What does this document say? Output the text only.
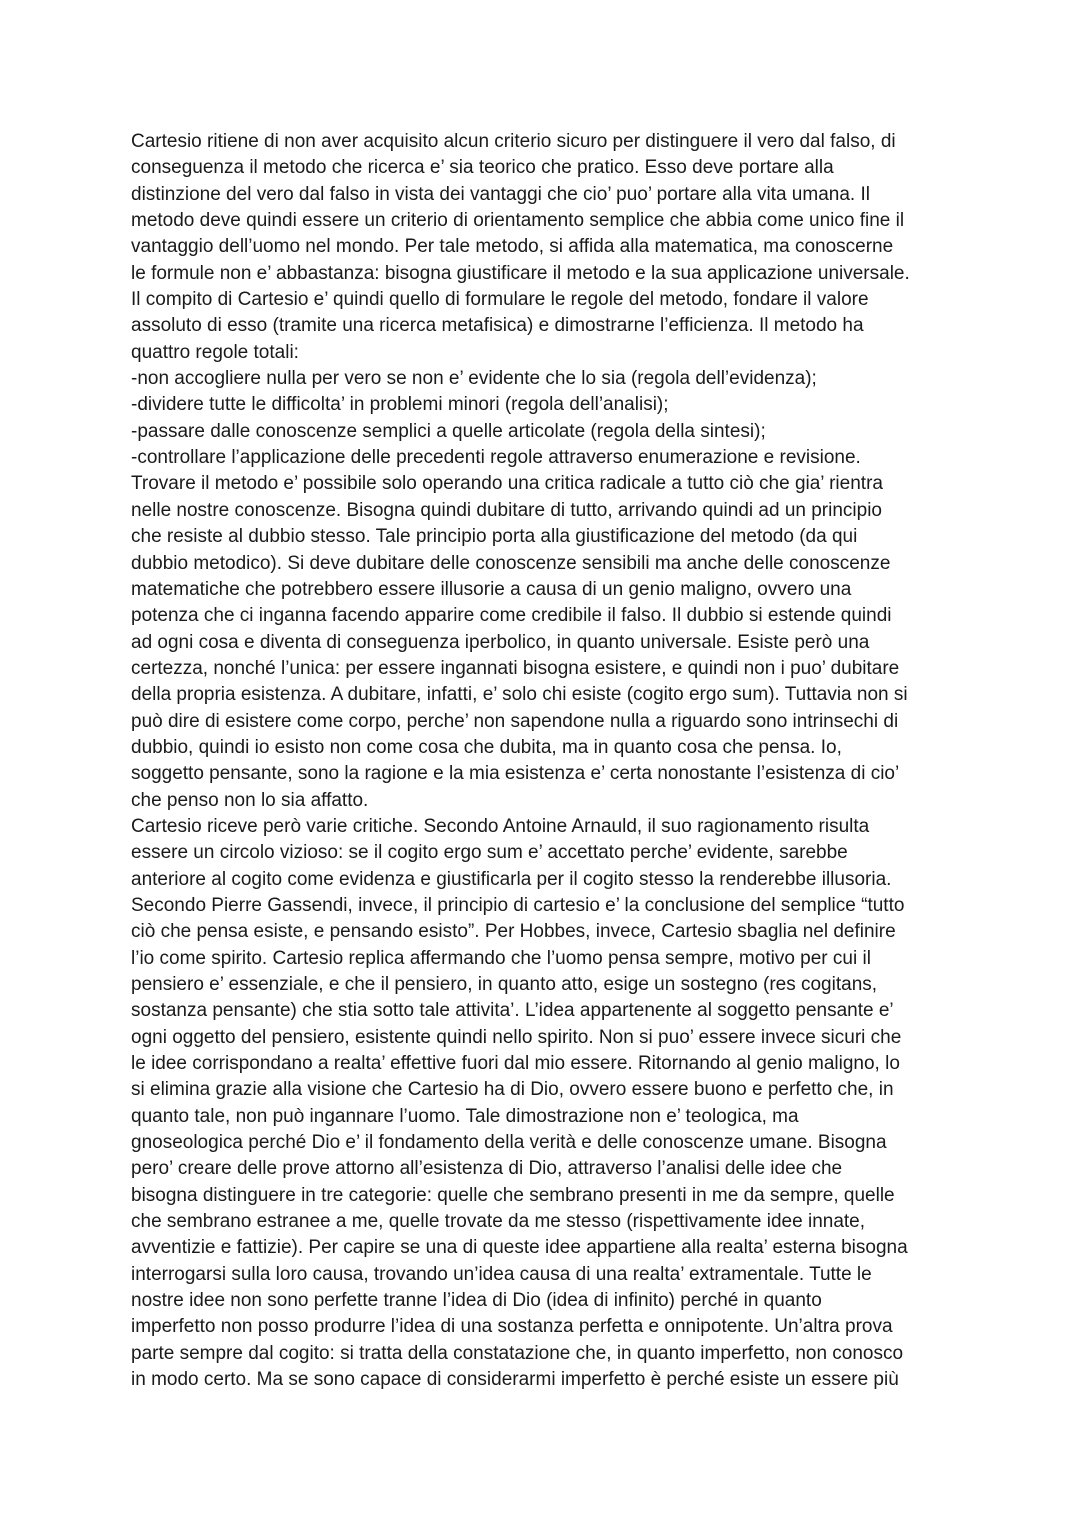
Cartesio ritiene di non aver acquisito alcun criterio sicuro per distinguere il vero dal falso, di
conseguenza il metodo che ricerca e’ sia teorico che pratico. Esso deve portare alla
distinzione del vero dal falso in vista dei vantaggi che cio’ puo’ portare alla vita umana. Il
metodo deve quindi essere un criterio di orientamento semplice che abbia come unico fine il
vantaggio dell’uomo nel mondo. Per tale metodo, si affida alla matematica, ma conoscerne
le formule non e’ abbastanza: bisogna giustificare il metodo e la sua applicazione universale.
Il compito di Cartesio e’ quindi quello di formulare le regole del metodo, fondare il valore
assoluto di esso (tramite una ricerca metafisica) e dimostrarne l’efficienza. Il metodo ha
quattro regole totali:
-non accogliere nulla per vero se non e’ evidente che lo sia (regola dell’evidenza);
-dividere tutte le difficolta’ in problemi minori (regola dell’analisi);
-passare dalle conoscenze semplici a quelle articolate (regola della sintesi);
-controllare l’applicazione delle precedenti regole attraverso enumerazione e revisione.
Trovare il metodo e’ possibile solo operando una critica radicale a tutto ciò che gia’ rientra
nelle nostre conoscenze. Bisogna quindi dubitare di tutto, arrivando quindi ad un principio
che resiste al dubbio stesso. Tale principio porta alla giustificazione del metodo (da qui
dubbio metodico). Si deve dubitare delle conoscenze sensibili ma anche delle conoscenze
matematiche che potrebbero essere illusorie a causa di un genio maligno, ovvero una
potenza che ci inganna facendo apparire come credibile il falso. Il dubbio si estende quindi
ad ogni cosa e diventa di conseguenza iperbolico, in quanto universale. Esiste però una
certezza, nonché l’unica: per essere ingannati bisogna esistere, e quindi non i puo’ dubitare
della propria esistenza. A dubitare, infatti, e’ solo chi esiste (cogito ergo sum). Tuttavia non si
può dire di esistere come corpo, perche’ non sapendone nulla a riguardo sono intrinsechi di
dubbio, quindi io esisto non come cosa che dubita, ma in quanto cosa che pensa. Io,
soggetto pensante, sono la ragione e la mia esistenza e’ certa nonostante l’esistenza di cio’
che penso non lo sia affatto.
Cartesio riceve però varie critiche. Secondo Antoine Arnauld, il suo ragionamento risulta
essere un circolo vizioso: se il cogito ergo sum e’ accettato perche’ evidente, sarebbe
anteriore al cogito come evidenza e giustificarla per il cogito stesso la renderebbe illusoria.
Secondo Pierre Gassendi, invece, il principio di cartesio e’ la conclusione del semplice “tutto
ciò che pensa esiste, e pensando esisto”. Per Hobbes, invece, Cartesio sbaglia nel definire
l’io come spirito. Cartesio replica affermando che l’uomo pensa sempre, motivo per cui il
pensiero e’ essenziale, e che il pensiero, in quanto atto, esige un sostegno (res cogitans,
sostanza pensante) che stia sotto tale attivita’. L’idea appartenente al soggetto pensante e’
ogni oggetto del pensiero, esistente quindi nello spirito. Non si puo’ essere invece sicuri che
le idee corrispondano a realta’ effettive fuori dal mio essere. Ritornando al genio maligno, lo
si elimina grazie alla visione che Cartesio ha di Dio, ovvero essere buono e perfetto che, in
quanto tale, non può ingannare l’uomo. Tale dimostrazione non e’ teologica, ma
gnoseologica perché Dio e’ il fondamento della verità e delle conoscenze umane. Bisogna
pero’ creare delle prove attorno all’esistenza di Dio, attraverso l’analisi delle idee che
bisogna distinguere in tre categorie: quelle che sembrano presenti in me da sempre, quelle
che sembrano estranee a me, quelle trovate da me stesso (rispettivamente idee innate,
avventizie e fattizie). Per capire se una di queste idee appartiene alla realta’ esterna bisogna
interrogarsi sulla loro causa, trovando un’idea causa di una realta’ extramentale. Tutte le
nostre idee non sono perfette tranne l’idea di Dio (idea di infinito) perché in quanto
imperfetto non posso produrre l’idea di una sostanza perfetta e onnipotente. Un’altra prova
parte sempre dal cogito: si tratta della constatazione che, in quanto imperfetto, non conosco
in modo certo. Ma se sono capace di considerarmi imperfetto è perché esiste un essere più
